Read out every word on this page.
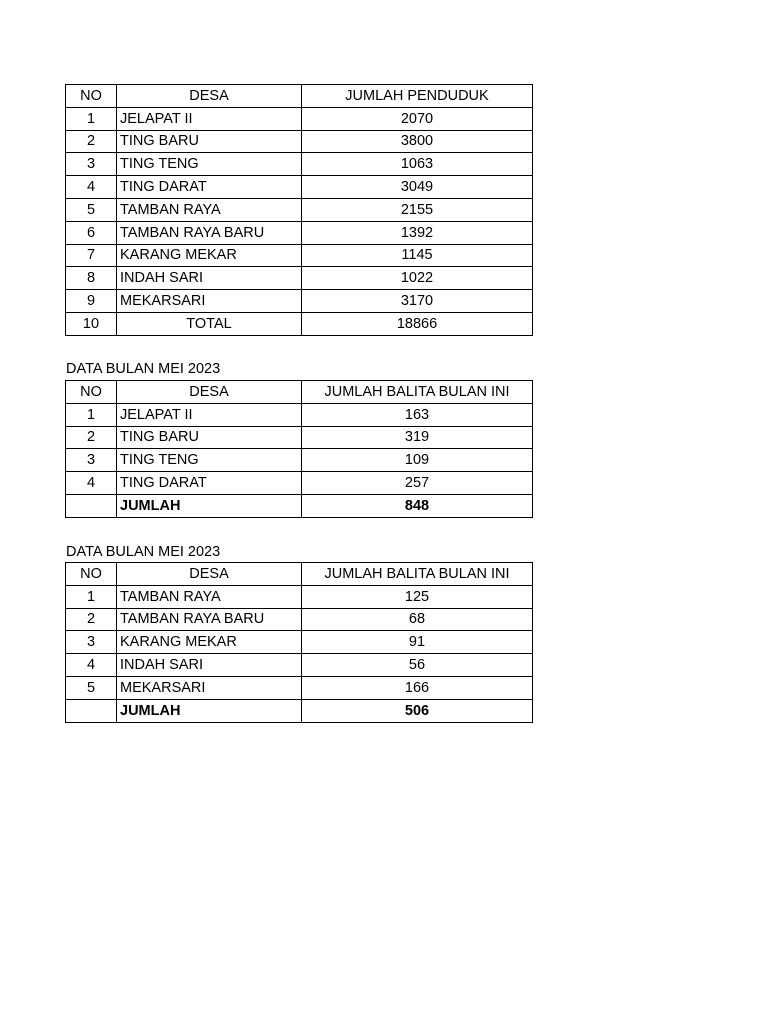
NO	DESA	JUMLAH PENDUDUK
1	JELAPAT II	2070
2	TING BARU	3800
3	TING TENG	1063
4	TING DARAT	3049
5	TAMBAN RAYA	2155
6	TAMBAN RAYA BARU	1392
7	KARANG MEKAR	1145
8	INDAH SARI	1022
9	MEKARSARI	3170
10	TOTAL	18866
DATA BULAN MEI 2023
NO	DESA	JUMLAH BALITA BULAN INI
1	JELAPAT II	163
2	TING BARU	319
3	TING TENG	109
4	TING DARAT	257
	JUMLAH	848
DATA BULAN MEI 2023
NO	DESA	JUMLAH BALITA BULAN INI
1	TAMBAN RAYA	125
2	TAMBAN RAYA BARU	68
3	KARANG MEKAR	91
4	INDAH SARI	56
5	MEKARSARI	166
	JUMLAH	506
